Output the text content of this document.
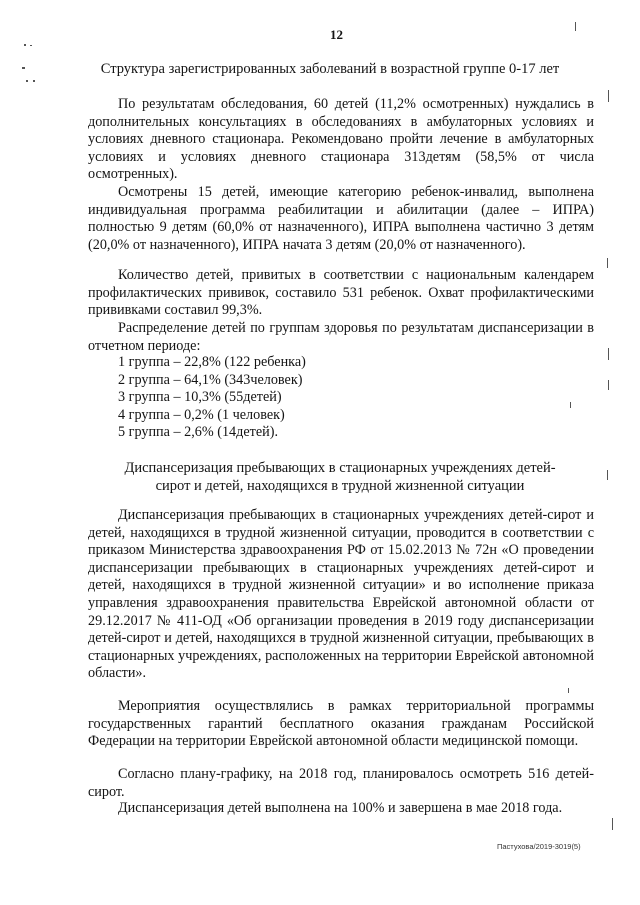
12
Структура зарегистрированных заболеваний в возрастной группе 0-17 лет
По результатам обследования, 60 детей (11,2% осмотренных) нуждались в дополнительных консультациях в обследованиях в амбулаторных условиях и условиях дневного стационара. Рекомендовано пройти лечение в амбулаторных условиях и условиях дневного стационара 313детям (58,5% от числа осмотренных).
Осмотрены 15 детей, имеющие категорию ребенок-инвалид, выполнена индивидуальная программа реабилитации и абилитации (далее – ИПРА) полностью 9 детям (60,0% от назначенного), ИПРА выполнена частично 3 детям (20,0% от назначенного), ИПРА начата 3 детям (20,0% от назначенного).
Количество детей, привитых в соответствии с национальным календарем профилактических прививок, составило 531 ребенок. Охват профилактическими прививками составил 99,3%.
Распределение детей по группам здоровья по результатам диспансеризации в отчетном периоде:
1 группа – 22,8% (122 ребенка)
2 группа – 64,1% (343человек)
3 группа – 10,3% (55детей)
4 группа – 0,2% (1 человек)
5 группа – 2,6% (14детей).
Диспансеризация пребывающих в стационарных учреждениях детей-
сирот и детей, находящихся в трудной жизненной ситуации
Диспансеризация пребывающих в стационарных учреждениях детей-сирот и детей, находящихся в трудной жизненной ситуации, проводится в соответствии с приказом Министерства здравоохранения РФ от 15.02.2013 № 72н «О проведении диспансеризации пребывающих в стационарных учреждениях детей-сирот и детей, находящихся в трудной жизненной ситуации» и во исполнение приказа управления здравоохранения правительства Еврейской автономной области от 29.12.2017 № 411-ОД «Об организации проведения в 2019 году диспансеризации детей-сирот и детей, находящихся в трудной жизненной ситуации, пребывающих в стационарных учреждениях, расположенных на территории Еврейской автономной области».
Мероприятия осуществлялись в рамках территориальной программы государственных гарантий бесплатного оказания гражданам Российской Федерации на территории Еврейской автономной области медицинской помощи.
Согласно плану-графику, на 2018 год, планировалось осмотреть 516 детей-сирот.
Диспансеризация детей выполнена на 100% и завершена в мае 2018 года.
Пастухова/2019-3019(5)
